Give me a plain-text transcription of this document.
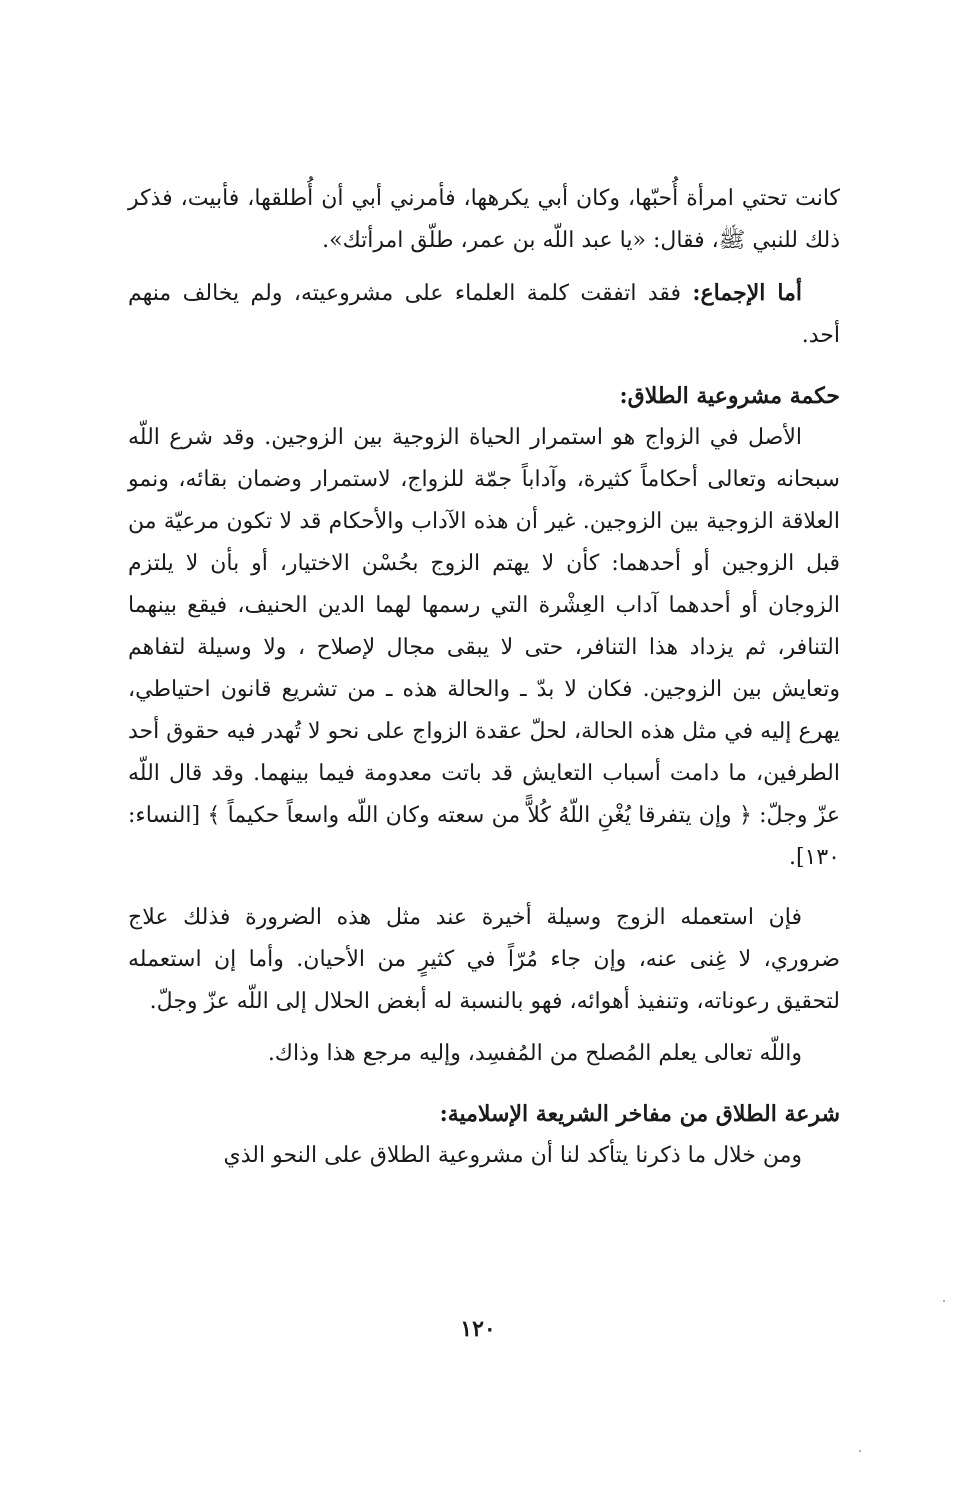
كانت تحتي امرأة أُحبّها، وكان أبي يكرهها، فأمرني أبي أن أُطلقها، فأبيت، فذكر ذلك للنبي ﷺ، فقال: «يا عبد اللّه بن عمر، طلّق امرأتك».

أما الإجماع: فقد اتفقت كلمة العلماء على مشروعيته، ولم يخالف منهم أحد.

حكمة مشروعية الطلاق:

الأصل في الزواج هو استمرار الحياة الزوجية بين الزوجين. وقد شرع اللّه سبحانه وتعالى أحكاماً كثيرة، وآداباً جمّة للزواج، لاستمرار وضمان بقائه، ونمو العلاقة الزوجية بين الزوجين. غير أن هذه الآداب والأحكام قد لا تكون مرعيّة من قبل الزوجين أو أحدهما: كأن لا يهتم الزوج بحُسْن الاختيار، أو بأن لا يلتزم الزوجان أو أحدهما آداب العِشْرة التي رسمها لهما الدين الحنيف، فيقع بينهما التنافر، ثم يزداد هذا التنافر، حتى لا يبقى مجال لإصلاح ، ولا وسيلة لتفاهم وتعايش بين الزوجين. فكان لا بدّ ـ والحالة هذه ـ من تشريع قانون احتياطي، يهرع إليه في مثل هذه الحالة، لحلّ عقدة الزواج على نحو لا تُهدر فيه حقوق أحد الطرفين، ما دامت أسباب التعايش قد باتت معدومة فيما بينهما. وقد قال اللّه عزّ وجلّ: ﴿ وإن يتفرقا يُغْنِ اللّهُ كُلاًّ من سعته وكان اللّه واسعاً حكيماً ﴾ [النساء: ١٣٠].

فإن استعمله الزوج وسيلة أخيرة عند مثل هذه الضرورة فذلك علاج ضروري، لا غِنى عنه، وإن جاء مُرّاً في كثيرٍ من الأحيان. وأما إن استعمله لتحقيق رعوناته، وتنفيذ أهوائه، فهو بالنسبة له أبغض الحلال إلى اللّه عزّ وجلّ.

واللّه تعالى يعلم المُصلح من المُفسِد، وإليه مرجع هذا وذاك.

شرعة الطلاق من مفاخر الشريعة الإسلامية:

ومن خلال ما ذكرنا يتأكد لنا أن مشروعية الطلاق على النحو الذي

١٢٠
